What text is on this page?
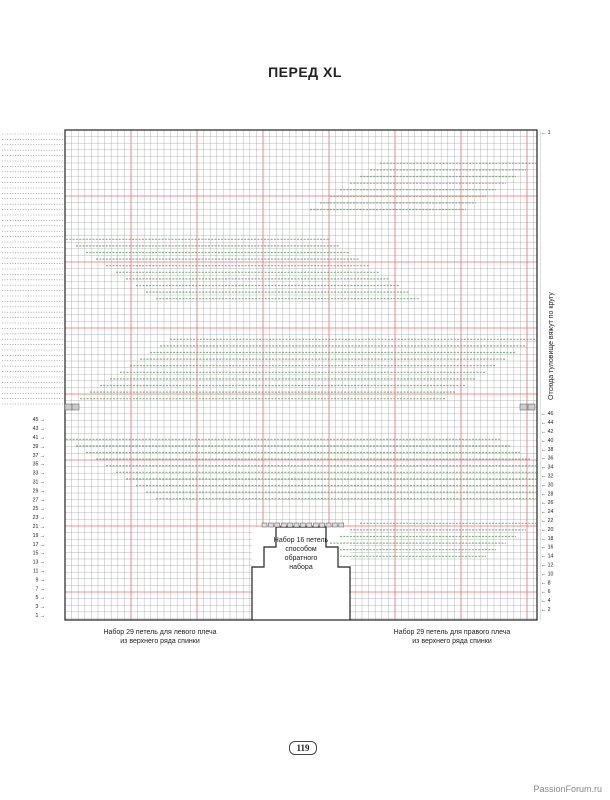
ПЕРЕД XL
1 →
3 →
5 →
7 →
9 →
11 →
13 →
15 →
17 →
19 →
21 →
23 →
25 →
27 →
29 →
31 →
33 →
35 →
37 →
39 →
41 →
43 →
45 →
← 2
← 4
← 6
← 8
← 10
← 12
← 14
← 16
← 18
← 20
← 22
← 24
← 26
← 28
← 30
← 32
← 34
← 36
← 38
← 40
← 42
← 44
← 46
← 1
Набор 16 петель
способом обратного
набора
Набор 29 петель для левого плеча
из верхнего ряда спинки
Набор 29 петель для правого плеча
из верхнего ряда спинки
Отсюда туловище вяжут по кругу
119
PassionForum.ru
